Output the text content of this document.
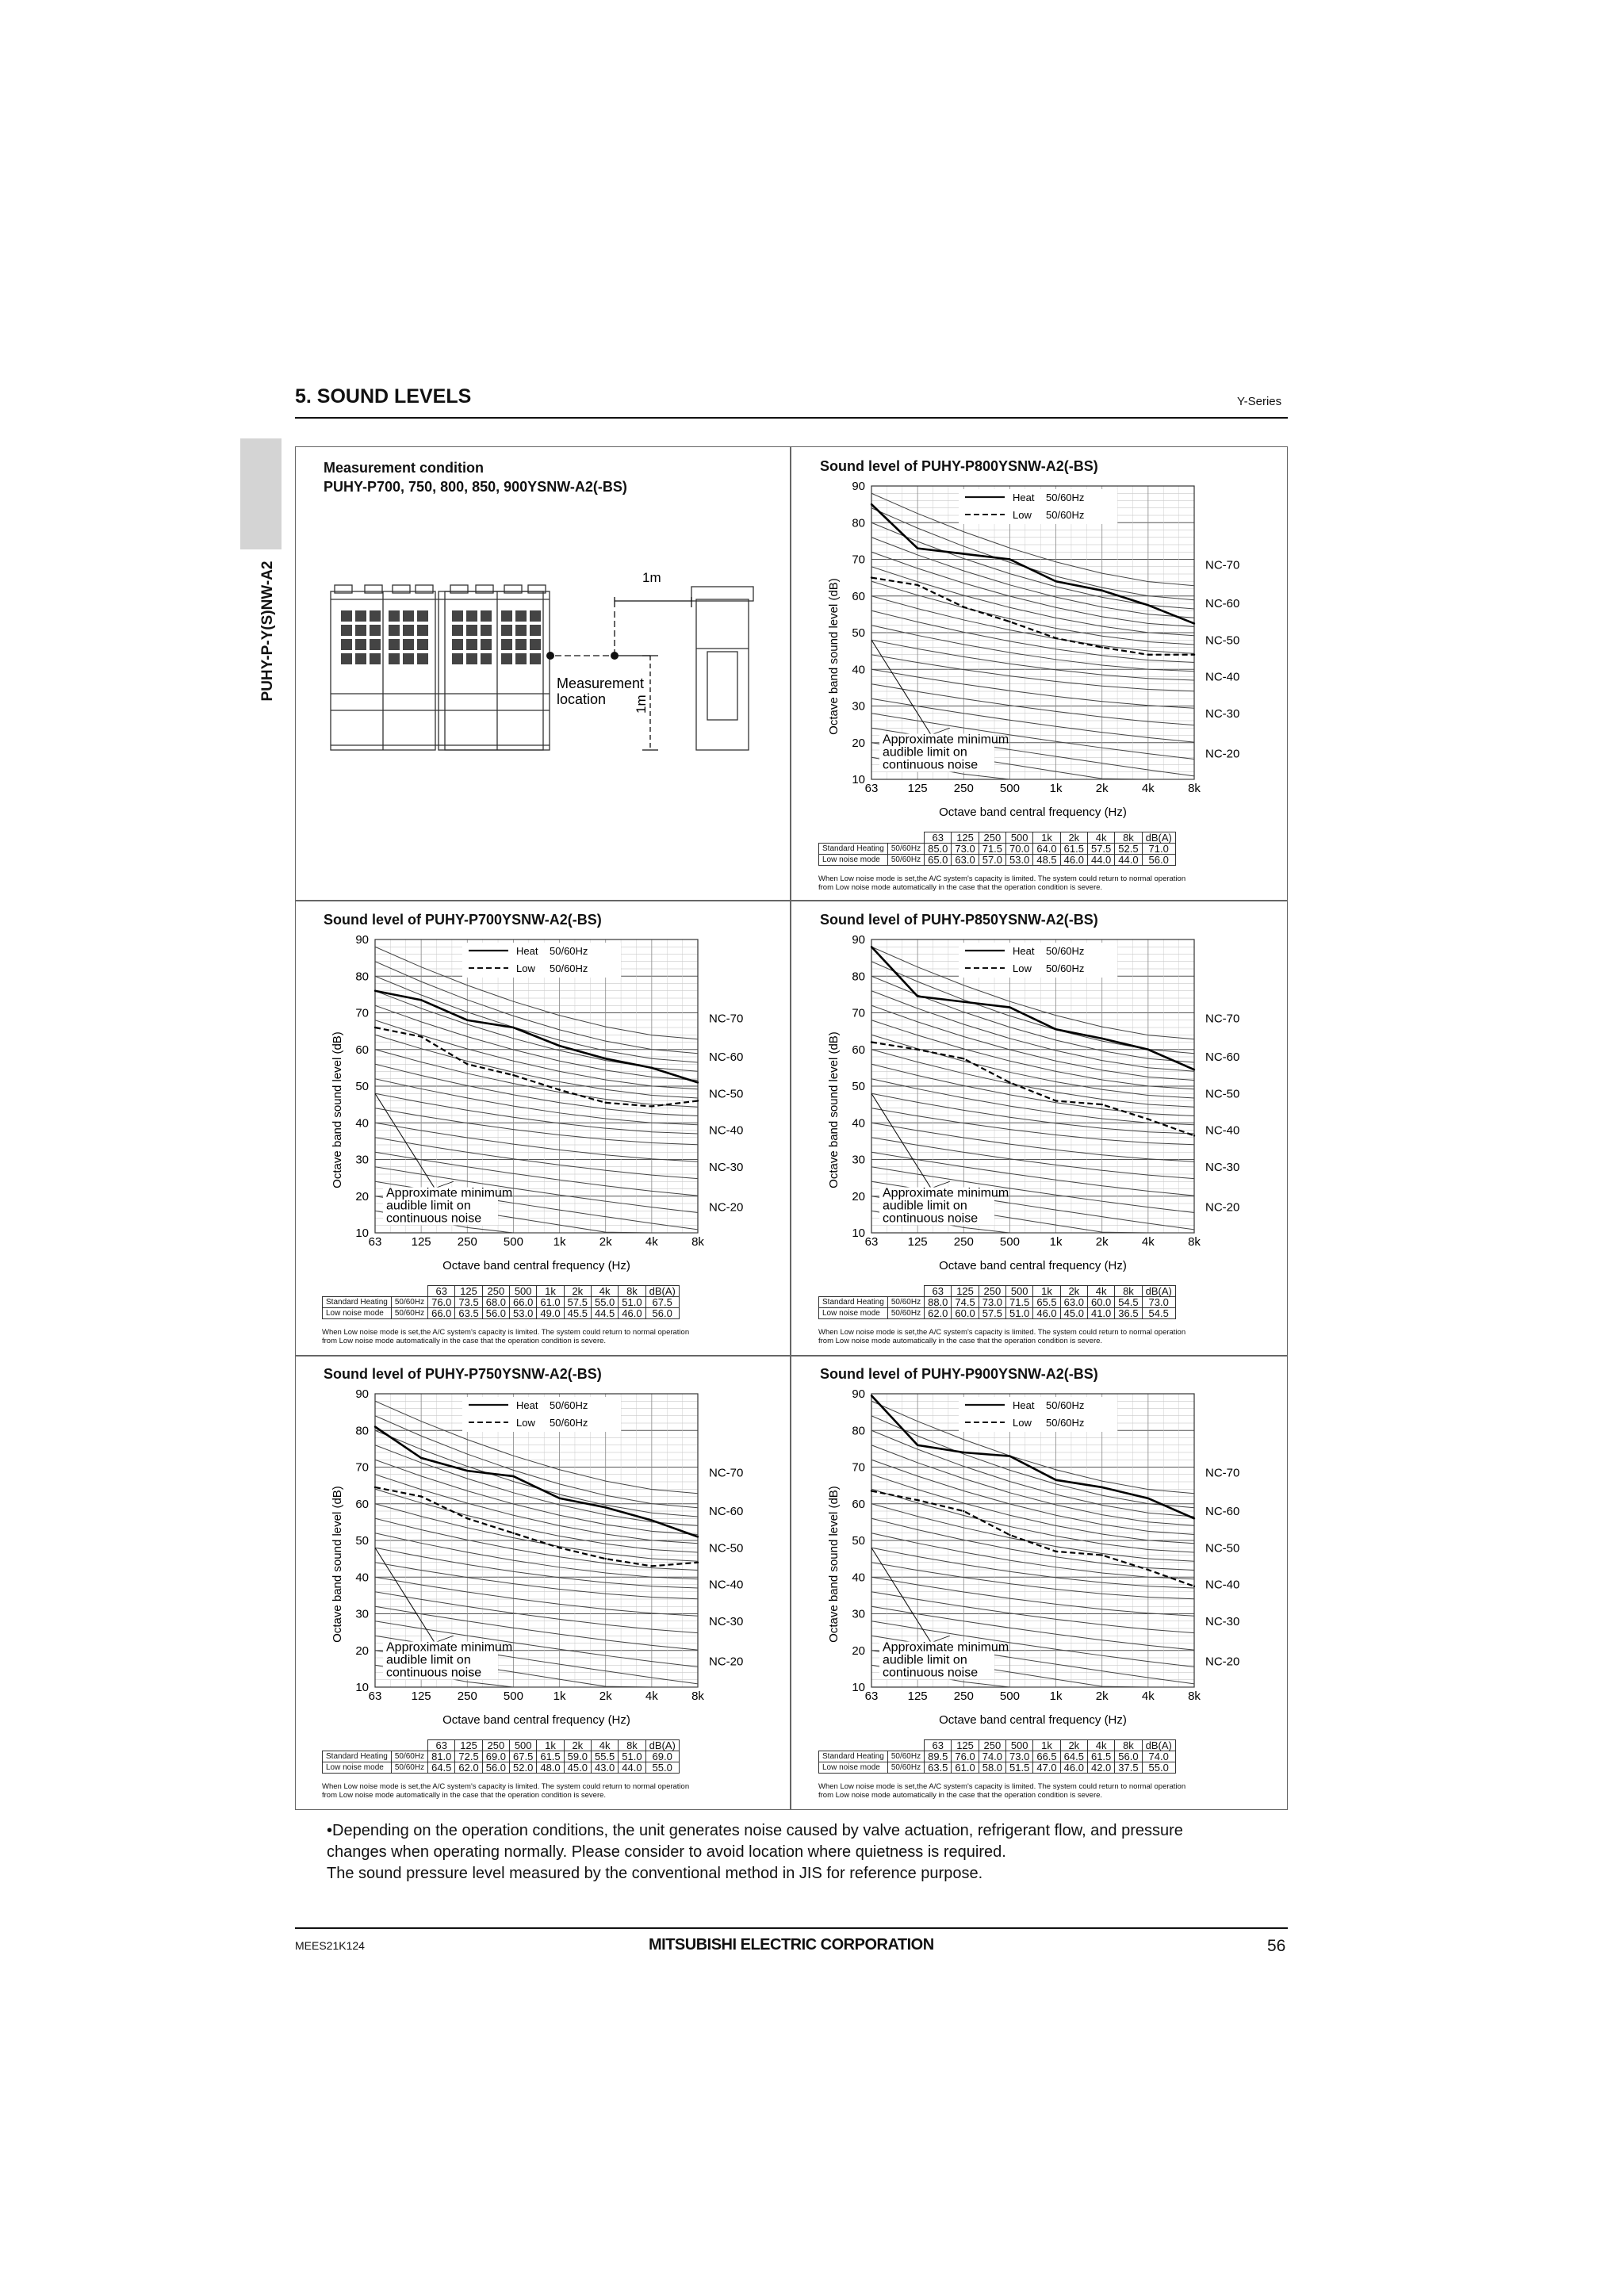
5. SOUND LEVELS	Y-Series
PUHY-P-Y(S)NW-A2
Measurement condition
PUHY-P700, 750, 800, 850, 900YSNW-A2(-BS)
1m
Measurement
location 1m
Sound level of PUHY-P800YSNW-A2(-BS)
Sound level of PUHY-P700YSNW-A2(-BS)	Sound level of PUHY-P850YSNW-A2(-BS)
Sound level of PUHY-P750YSNW-A2(-BS)	Sound level of PUHY-P900YSNW-A2(-BS)
Approximate minimum
audible limit on
continuous noise
Heat 50/60Hz
Low 50/60Hz
10
20
30
40
50
60
70
80
90
63 125 250 500	1k	2k	4k	8k
Octave band central frequency (Hz)
Octave band sound level (dB)
NC-70
NC-60
NC-50
NC-40
NC-30
NC-20
Approximate minimum
audible limit on
continuous noise
Heat 50/60Hz
Low 50/60Hz
10
20
30
40
50
60
70
80
90
63 125 250 500	1k	2k	4k	8k
Octave band central frequency (Hz)
Octave band sound level (dB)
NC-70
NC-60
NC-50
NC-40
NC-30
NC-20
Approximate minimum
audible limit on
continuous noise
Heat 50/60Hz
Low 50/60Hz
10
20
30
40
50
60
70
80
90
63 125 250 500	1k	2k	4k	8k
Octave band central frequency (Hz)
Octave band sound level (dB)
NC-70
NC-60
NC-50
NC-40
NC-30
NC-20
Approximate minimum
audible limit on
continuous noise
Heat 50/60Hz
Low 50/60Hz
10
20
30
40
50
60
70
80
90
63 125 250 500	1k	2k	4k	8k
Octave band central frequency (Hz)
Octave band sound level (dB)
NC-70
NC-60
NC-50
NC-40
NC-30
NC-20
Approximate minimum
audible limit on
continuous noise
Heat 50/60Hz
Low 50/60Hz
10
20
30
40
50
60
70
80
90
63 125 250 500	1k	2k	4k	8k
Octave band central frequency (Hz)
Octave band sound level (dB)
NC-70
NC-60
NC-50
NC-40
NC-30
NC-20
		63	125	250	500	1k	2k	4k	8k	dB(A)
Standard Heating	50/60Hz	85.0	73.0	71.5	70.0	64.0	61.5	57.5	52.5	71.0
Low noise mode	50/60Hz	65.0	63.0	57.0	53.0	48.5	46.0	44.0	44.0	56.0
When Low noise mode is set,the A/C system's capacity is limited. The system could return to normal operation
from Low noise mode automatically in the case that the operation condition is severe.
		63	125	250	500	1k	2k	4k	8k	dB(A)
Standard Heating	50/60Hz	76.0	73.5	68.0	66.0	61.0	57.5	55.0	51.0	67.5
Low noise mode	50/60Hz	66.0	63.5	56.0	53.0	49.0	45.5	44.5	46.0	56.0
When Low noise mode is set,the A/C system's capacity is limited. The system could return to normal operation
from Low noise mode automatically in the case that the operation condition is severe.
		63	125	250	500	1k	2k	4k	8k	dB(A)
Standard Heating	50/60Hz	88.0	74.5	73.0	71.5	65.5	63.0	60.0	54.5	73.0
Low noise mode	50/60Hz	62.0	60.0	57.5	51.0	46.0	45.0	41.0	36.5	54.5
When Low noise mode is set,the A/C system's capacity is limited. The system could return to normal operation
from Low noise mode automatically in the case that the operation condition is severe.
		63	125	250	500	1k	2k	4k	8k	dB(A)
Standard Heating	50/60Hz	81.0	72.5	69.0	67.5	61.5	59.0	55.5	51.0	69.0
Low noise mode	50/60Hz	64.5	62.0	56.0	52.0	48.0	45.0	43.0	44.0	55.0
When Low noise mode is set,the A/C system's capacity is limited. The system could return to normal operation
from Low noise mode automatically in the case that the operation condition is severe.
		63	125	250	500	1k	2k	4k	8k	dB(A)
Standard Heating	50/60Hz	89.5	76.0	74.0	73.0	66.5	64.5	61.5	56.0	74.0
Low noise mode	50/60Hz	63.5	61.0	58.0	51.5	47.0	46.0	42.0	37.5	55.0
When Low noise mode is set,the A/C system's capacity is limited. The system could return to normal operation
from Low noise mode automatically in the case that the operation condition is severe.
•Depending on the operation conditions, the unit generates noise caused by valve actuation, refrigerant flow, and pressure
changes when operating normally. Please consider to avoid location where quietness is required.
The sound pressure level measured by the conventional method in JIS for reference purpose.
MEES21K124	MITSUBISHI ELECTRIC CORPORATION	56
